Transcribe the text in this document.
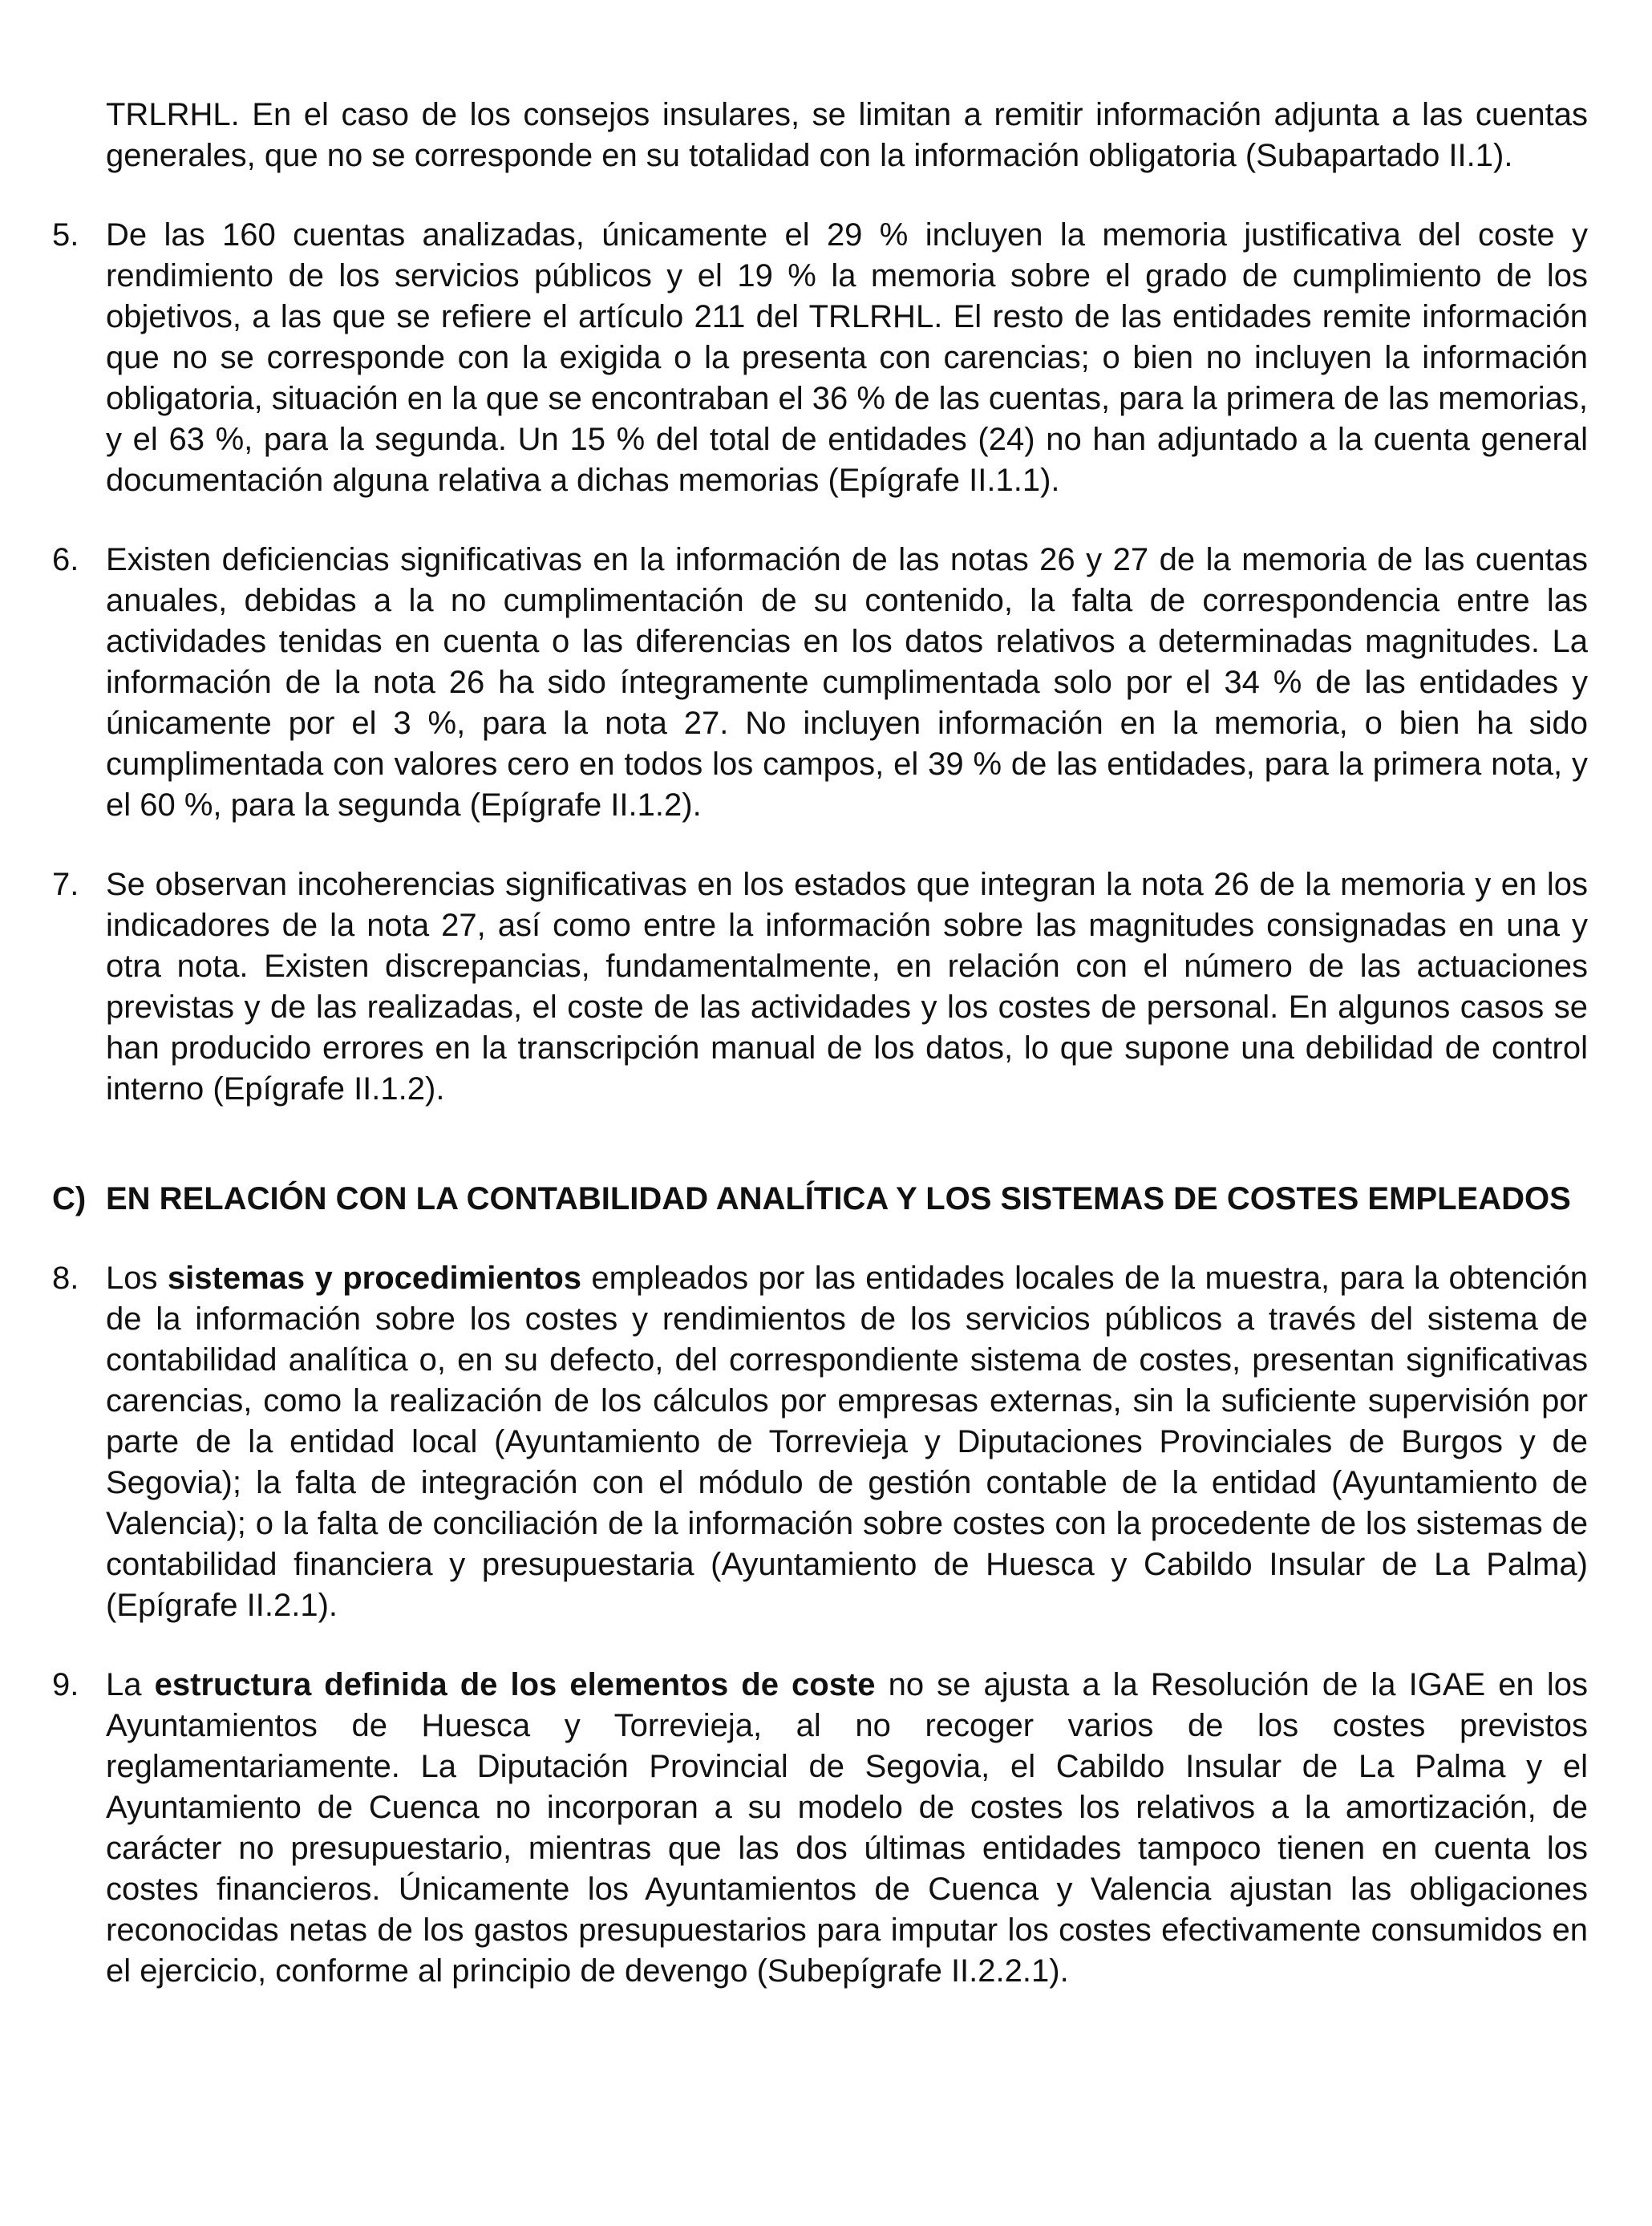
TRLRHL. En el caso de los consejos insulares, se limitan a remitir información adjunta a las cuentas generales, que no se corresponde en su totalidad con la información obligatoria (Subapartado II.1).

5. De las 160 cuentas analizadas, únicamente el 29 % incluyen la memoria justificativa del coste y rendimiento de los servicios públicos y el 19 % la memoria sobre el grado de cumplimiento de los objetivos, a las que se refiere el artículo 211 del TRLRHL. El resto de las entidades remite información que no se corresponde con la exigida o la presenta con carencias; o bien no incluyen la información obligatoria, situación en la que se encontraban el 36 % de las cuentas, para la primera de las memorias, y el 63 %, para la segunda. Un 15 % del total de entidades (24) no han adjuntado a la cuenta general documentación alguna relativa a dichas memorias (Epígrafe II.1.1).

6. Existen deficiencias significativas en la información de las notas 26 y 27 de la memoria de las cuentas anuales, debidas a la no cumplimentación de su contenido, la falta de correspondencia entre las actividades tenidas en cuenta o las diferencias en los datos relativos a determinadas magnitudes. La información de la nota 26 ha sido íntegramente cumplimentada solo por el 34 % de las entidades y únicamente por el 3 %, para la nota 27. No incluyen información en la memoria, o bien ha sido cumplimentada con valores cero en todos los campos, el 39 % de las entidades, para la primera nota, y el 60 %, para la segunda (Epígrafe II.1.2).

7. Se observan incoherencias significativas en los estados que integran la nota 26 de la memoria y en los indicadores de la nota 27, así como entre la información sobre las magnitudes consignadas en una y otra nota. Existen discrepancias, fundamentalmente, en relación con el número de las actuaciones previstas y de las realizadas, el coste de las actividades y los costes de personal. En algunos casos se han producido errores en la transcripción manual de los datos, lo que supone una debilidad de control interno (Epígrafe II.1.2).

C) EN RELACIÓN CON LA CONTABILIDAD ANALÍTICA Y LOS SISTEMAS DE COSTES EMPLEADOS

8. Los sistemas y procedimientos empleados por las entidades locales de la muestra, para la obtención de la información sobre los costes y rendimientos de los servicios públicos a través del sistema de contabilidad analítica o, en su defecto, del correspondiente sistema de costes, presentan significativas carencias, como la realización de los cálculos por empresas externas, sin la suficiente supervisión por parte de la entidad local (Ayuntamiento de Torrevieja y Diputaciones Provinciales de Burgos y de Segovia); la falta de integración con el módulo de gestión contable de la entidad (Ayuntamiento de Valencia); o la falta de conciliación de la información sobre costes con la procedente de los sistemas de contabilidad financiera y presupuestaria (Ayuntamiento de Huesca y Cabildo Insular de La Palma) (Epígrafe II.2.1).

9. La estructura definida de los elementos de coste no se ajusta a la Resolución de la IGAE en los Ayuntamientos de Huesca y Torrevieja, al no recoger varios de los costes previstos reglamentariamente. La Diputación Provincial de Segovia, el Cabildo Insular de La Palma y el Ayuntamiento de Cuenca no incorporan a su modelo de costes los relativos a la amortización, de carácter no presupuestario, mientras que las dos últimas entidades tampoco tienen en cuenta los costes financieros. Únicamente los Ayuntamientos de Cuenca y Valencia ajustan las obligaciones reconocidas netas de los gastos presupuestarios para imputar los costes efectivamente consumidos en el ejercicio, conforme al principio de devengo (Subepígrafe II.2.2.1).
